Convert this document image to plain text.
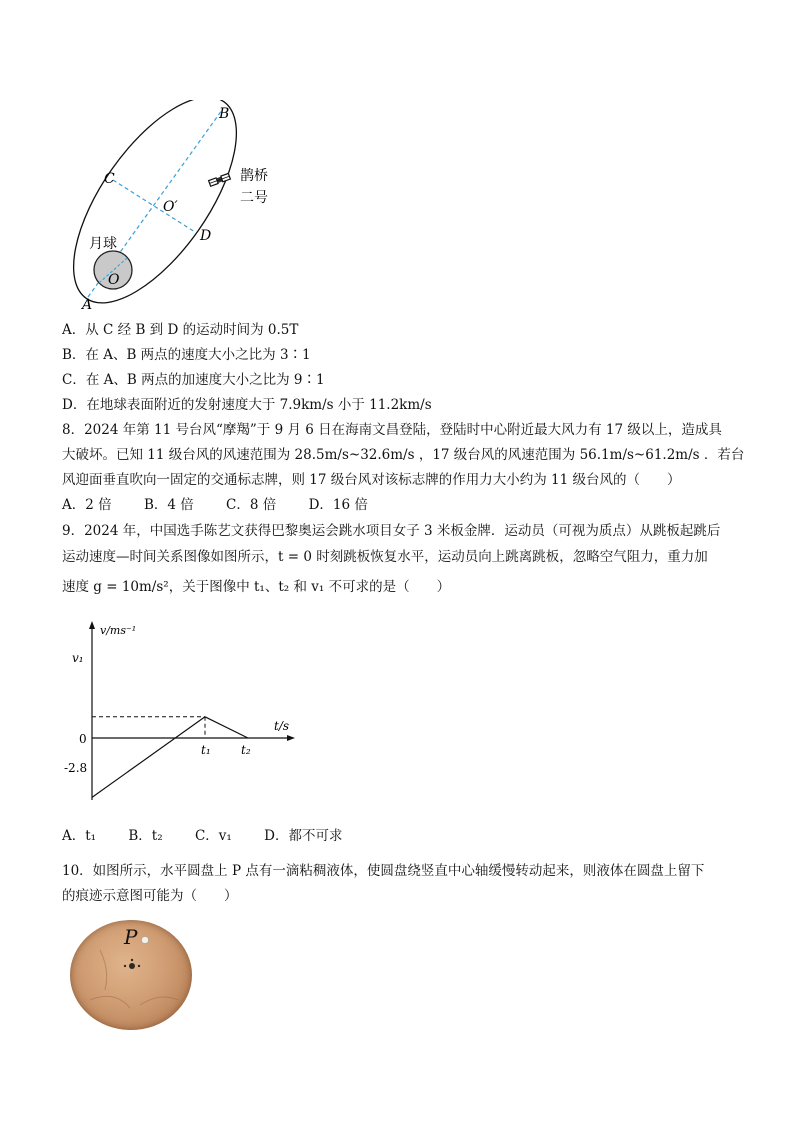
B
C
D
A
O′
O
月球
鹊桥
二号
A．从 C 经 B 到 D 的运动时间为 0.5T
B．在 A、B 两点的速度大小之比为 3∶1
C．在 A、B 两点的加速度大小之比为 9∶1
D．在地球表面附近的发射速度大于 7.9km/s 小于 11.2km/s
8．2024 年第 11 号台风“摩羯”于 9 月 6 日在海南文昌登陆，登陆时中心附近最大风力有 17 级以上，造成具
大破坏。已知 11 级台风的风速范围为 28.5m/s~32.6m/s ，17 级台风的风速范围为 56.1m/s~61.2m/s ．若台
风迎面垂直吹向一固定的交通标志牌，则 17 级台风对该标志牌的作用力大小约为 11 级台风的（　　）
A．2 倍 B．4 倍 C．8 倍 D．16 倍
9．2024 年，中国选手陈艺文获得巴黎奥运会跳水项目女子 3 米板金牌．运动员（可视为质点）从跳板起跳后
运动速度—时间关系图像如图所示，t = 0 时刻跳板恢复水平，运动员向上跳离跳板，忽略空气阻力，重力加
速度 g = 10m/s²，关于图像中 t₁、t₂ 和 v₁ 不可求的是（　　）
v/ms⁻¹
t/s
v₁
0
-2.8
t₁	t₂
A．t₁ B．t₂ C．v₁ D．都不可求
10．如图所示，水平圆盘上 P 点有一滴粘稠液体，使圆盘绕竖直中心轴缓慢转动起来，则液体在圆盘上留下
的痕迹示意图可能为（　　）
P
